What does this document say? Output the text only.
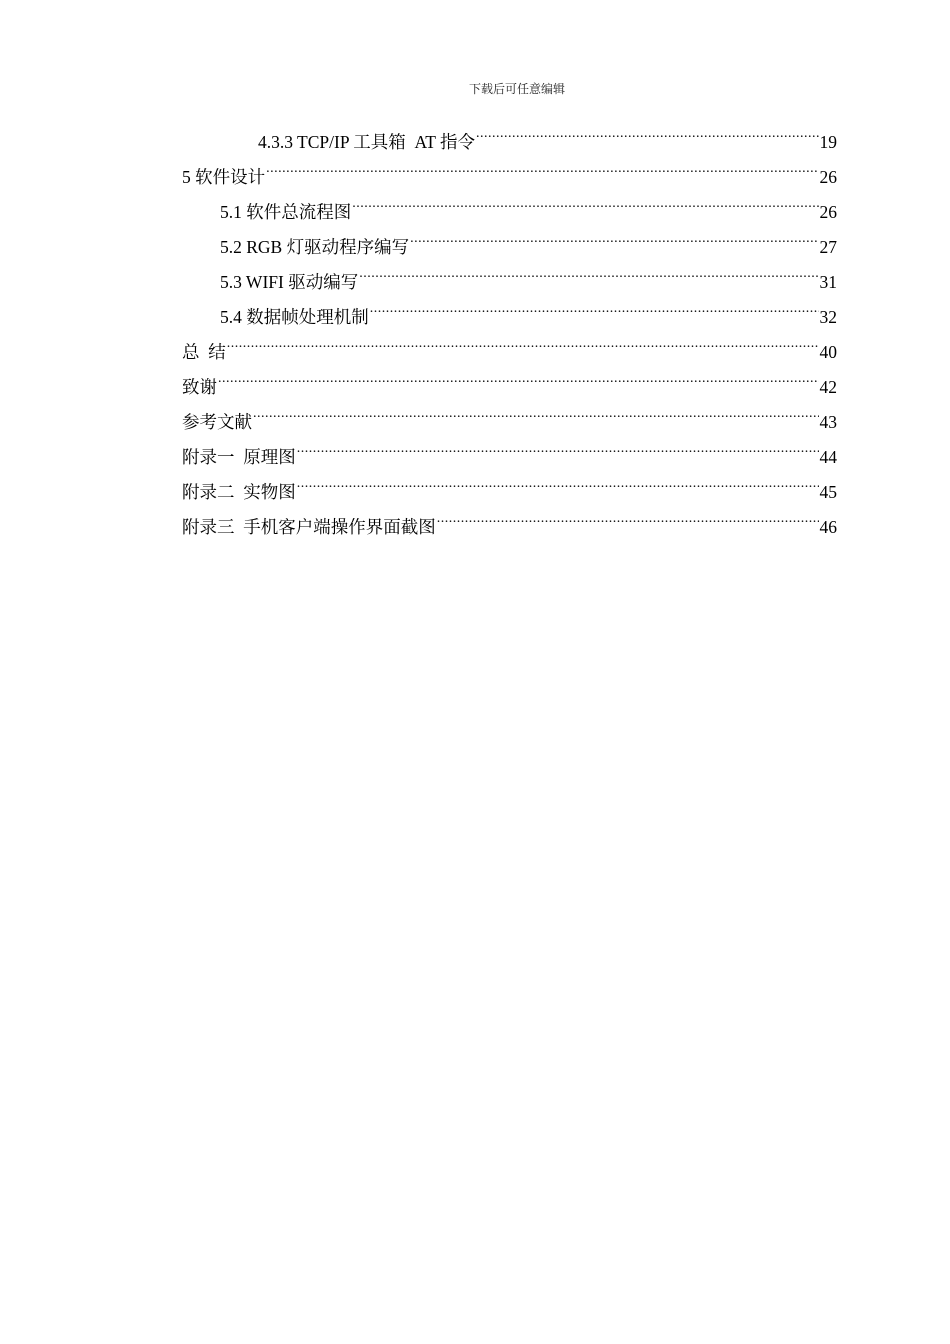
下载后可任意编辑
4.3.3 TCP/IP 工具箱  AT 指令 .....	19
5 软件设计 .....	26
5.1 软件总流程图 .....	26
5.2 RGB 灯驱动程序编写 .....	27
5.3 WIFI 驱动编写 .....	31
5.4 数据帧处理机制 .....	32
总  结 .....	40
致谢 .....	42
参考文献 .....	43
附录一  原理图 .....	44
附录二  实物图 .....	45
附录三  手机客户端操作界面截图 .....	46
